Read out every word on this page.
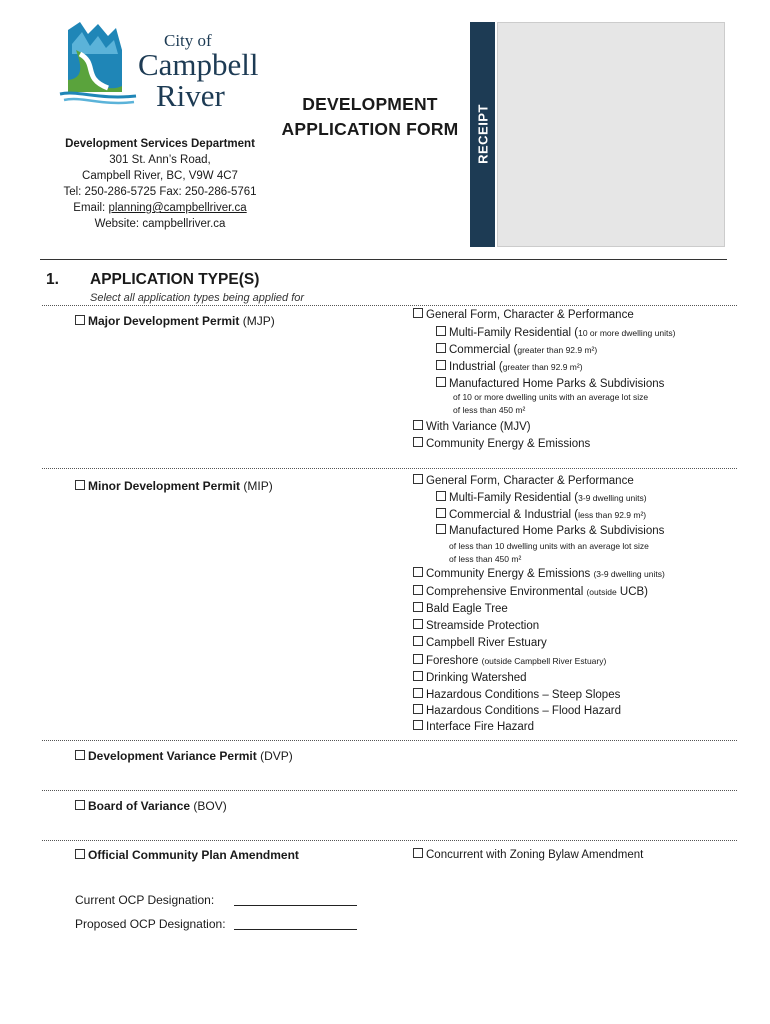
City of
Campbell
River
Development Services Department
301 St. Ann’s Road,
Campbell River, BC, V9W 4C7
Tel: 250-286-5725 Fax: 250-286-5761
Email: planning@campbellriver.ca
Website: campbellriver.ca
DEVELOPMENT
APPLICATION FORM RECEIPT
1. APPLICATION TYPE(S)
Select all application types being applied for
Major Development Permit (MJP)	General Form, Character & Performance
Multi-Family Residential (10 or more dwelling units)
Commercial (greater than 92.9 m²)
Industrial (greater than 92.9 m²)
Manufactured Home Parks & Subdivisions
of 10 or more dwelling units with an average lot size
of less than 450 m²
With Variance (MJV)
Community Energy & Emissions
Minor Development Permit (MIP)	General Form, Character & Performance
Multi-Family Residential (3-9 dwelling units)
Commercial & Industrial (less than 92.9 m²)
Manufactured Home Parks & Subdivisions
of less than 10 dwelling units with an average lot size
of less than 450 m²
Community Energy & Emissions (3-9 dwelling units)
Comprehensive Environmental (outside UCB)
Bald Eagle Tree
Streamside Protection
Campbell River Estuary
Foreshore (outside Campbell River Estuary)
Drinking Watershed
Hazardous Conditions – Steep Slopes
Hazardous Conditions – Flood Hazard
Interface Fire Hazard
Development Variance Permit (DVP)
Board of Variance (BOV)
Official Community Plan Amendment	Concurrent with Zoning Bylaw Amendment
Current OCP Designation:
Proposed OCP Designation:
